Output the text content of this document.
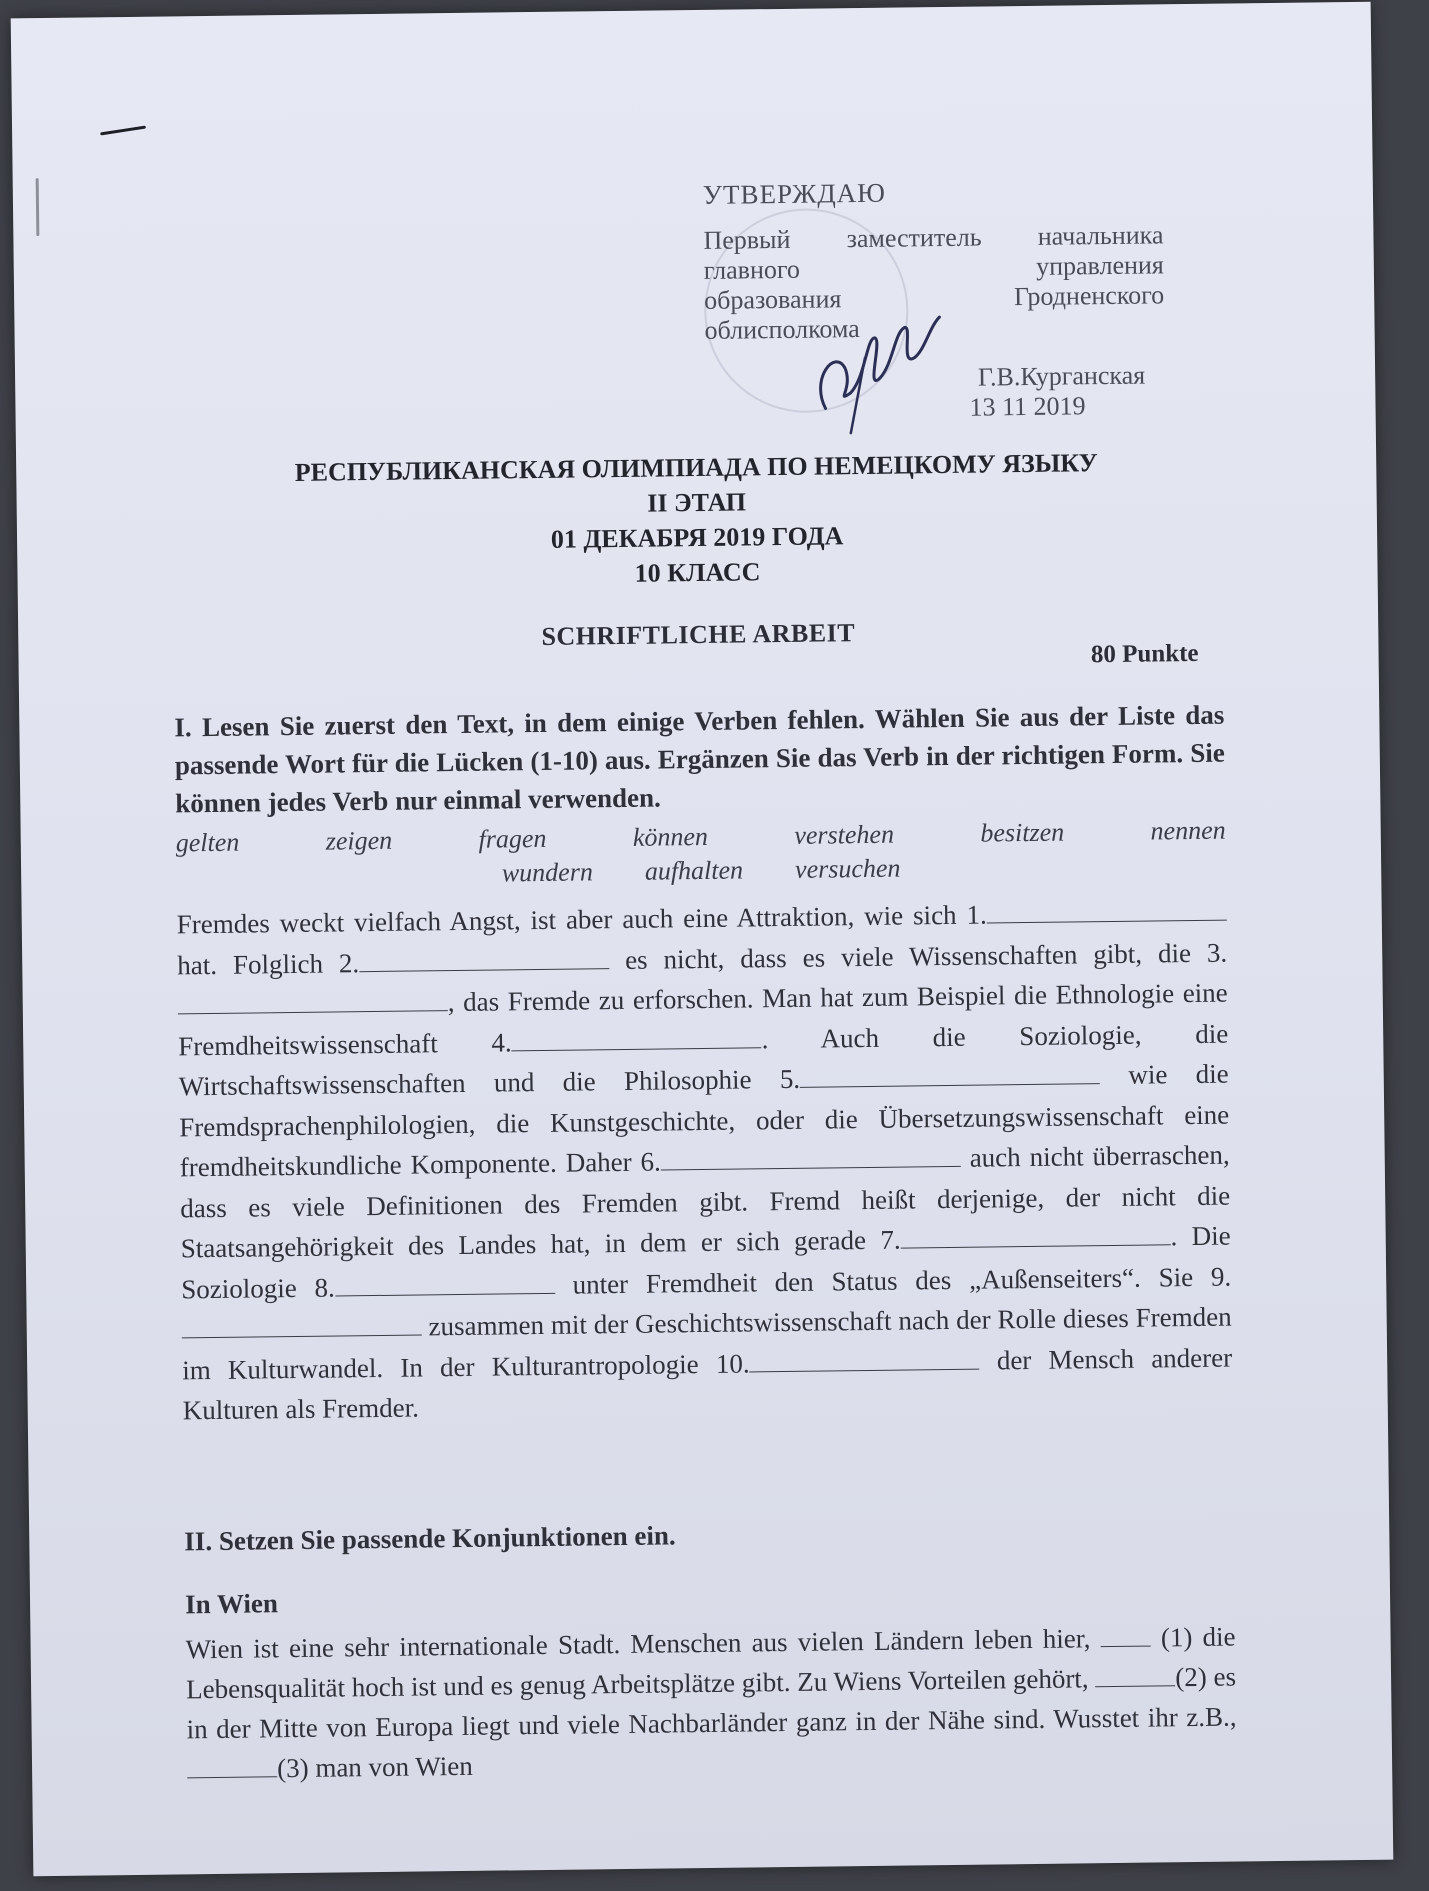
УТВЕРЖДАЮ
Первый заместитель начальника
главного управления
образования Гродненского
облисполкома
Г.В.Курганская
13 11 2019
РЕСПУБЛИКАНСКАЯ ОЛИМПИАДА ПО НЕМЕЦКОМУ ЯЗЫКУ
II ЭТАП
01 ДЕКАБРЯ 2019 ГОДА
10 КЛАСС
SCHRIFTLICHE ARBEIT
80 Punkte
I. Lesen Sie zuerst den Text, in dem einige Verben fehlen. Wählen Sie aus der Liste das passende Wort für die Lücken (1-10) aus. Ergänzen Sie das Verb in der richtigen Form. Sie können jedes Verb nur einmal verwenden.
gelten	zeigen	fragen	können	verstehen	besitzen	nennen
wundern aufhalten versuchen
Fremdes weckt vielfach Angst, ist aber auch eine Attraktion, wie sich 1. hat. Folglich 2.	es nicht, dass es viele Wissenschaften gibt, die 3., das Fremde zu erforschen. Man hat zum Beispiel die Ethnologie eine Fremdheitswissenschaft 4.	. Auch die Soziologie, die Wirtschaftswissenschaften und die Philosophie 5.	wie die Fremdsprachenphilologien, die Kunstgeschichte, oder die Übersetzungswissenschaft eine fremdheitskundliche Komponente. Daher 6.	auch nicht überraschen, dass es viele Definitionen des Fremden gibt. Fremd heißt derjenige, der nicht die Staatsangehörigkeit des Landes hat, in dem er sich gerade 7.	. Die Soziologie 8.	unter Fremdheit den Status des „Außenseiters“. Sie 9. zusammen mit der Geschichtswissenschaft nach der Rolle dieses Fremden im Kulturwandel. In der Kulturantropologie 10.	der Mensch anderer Kulturen als Fremder.
II. Setzen Sie passende Konjunktionen ein.
In Wien
Wien ist eine sehr internationale Stadt. Menschen aus vielen Ländern leben hier,  (1) die Lebensqualität hoch ist und es genug Arbeitsplätze gibt. Zu Wiens Vorteilen gehört,	(2) es in der Mitte von Europa liegt und viele Nachbarländer ganz in der Nähe sind. Wusstet ihr z.B., (3) man von Wien
